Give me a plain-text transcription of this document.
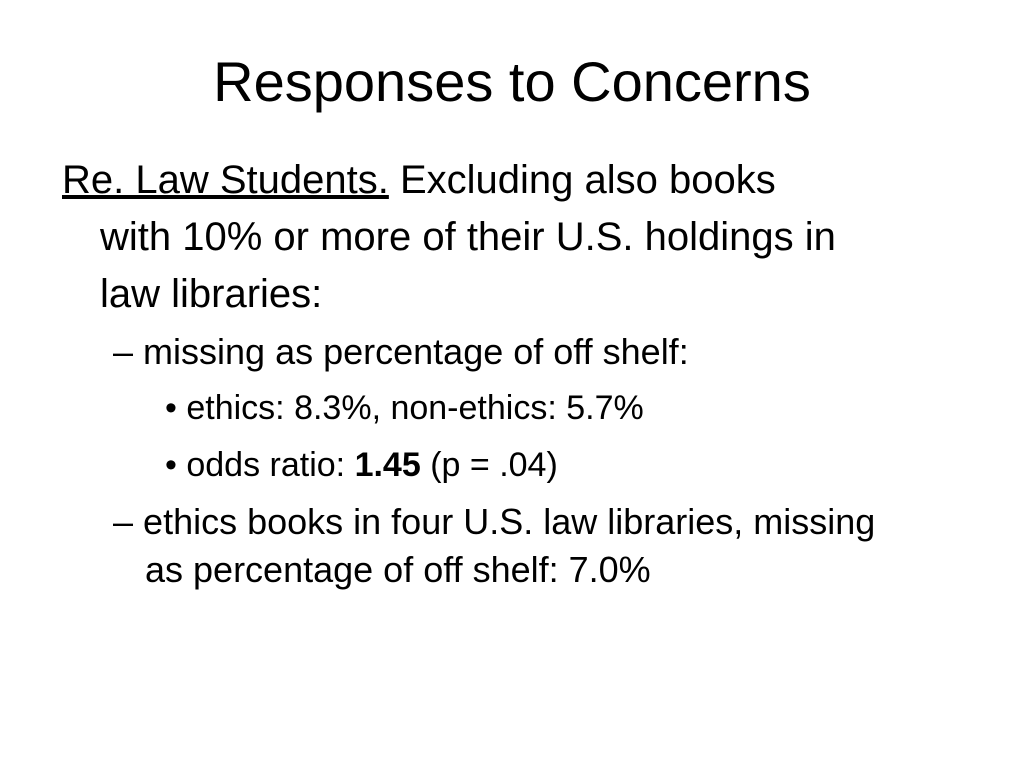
Responses to Concerns
Re. Law Students. Excluding also books
with 10% or more of their U.S. holdings in
law libraries:
– missing as percentage of off shelf:
• ethics: 8.3%, non-ethics: 5.7%
• odds ratio: 1.45 (p = .04)
– ethics books in four U.S. law libraries, missing
as percentage of off shelf: 7.0%
